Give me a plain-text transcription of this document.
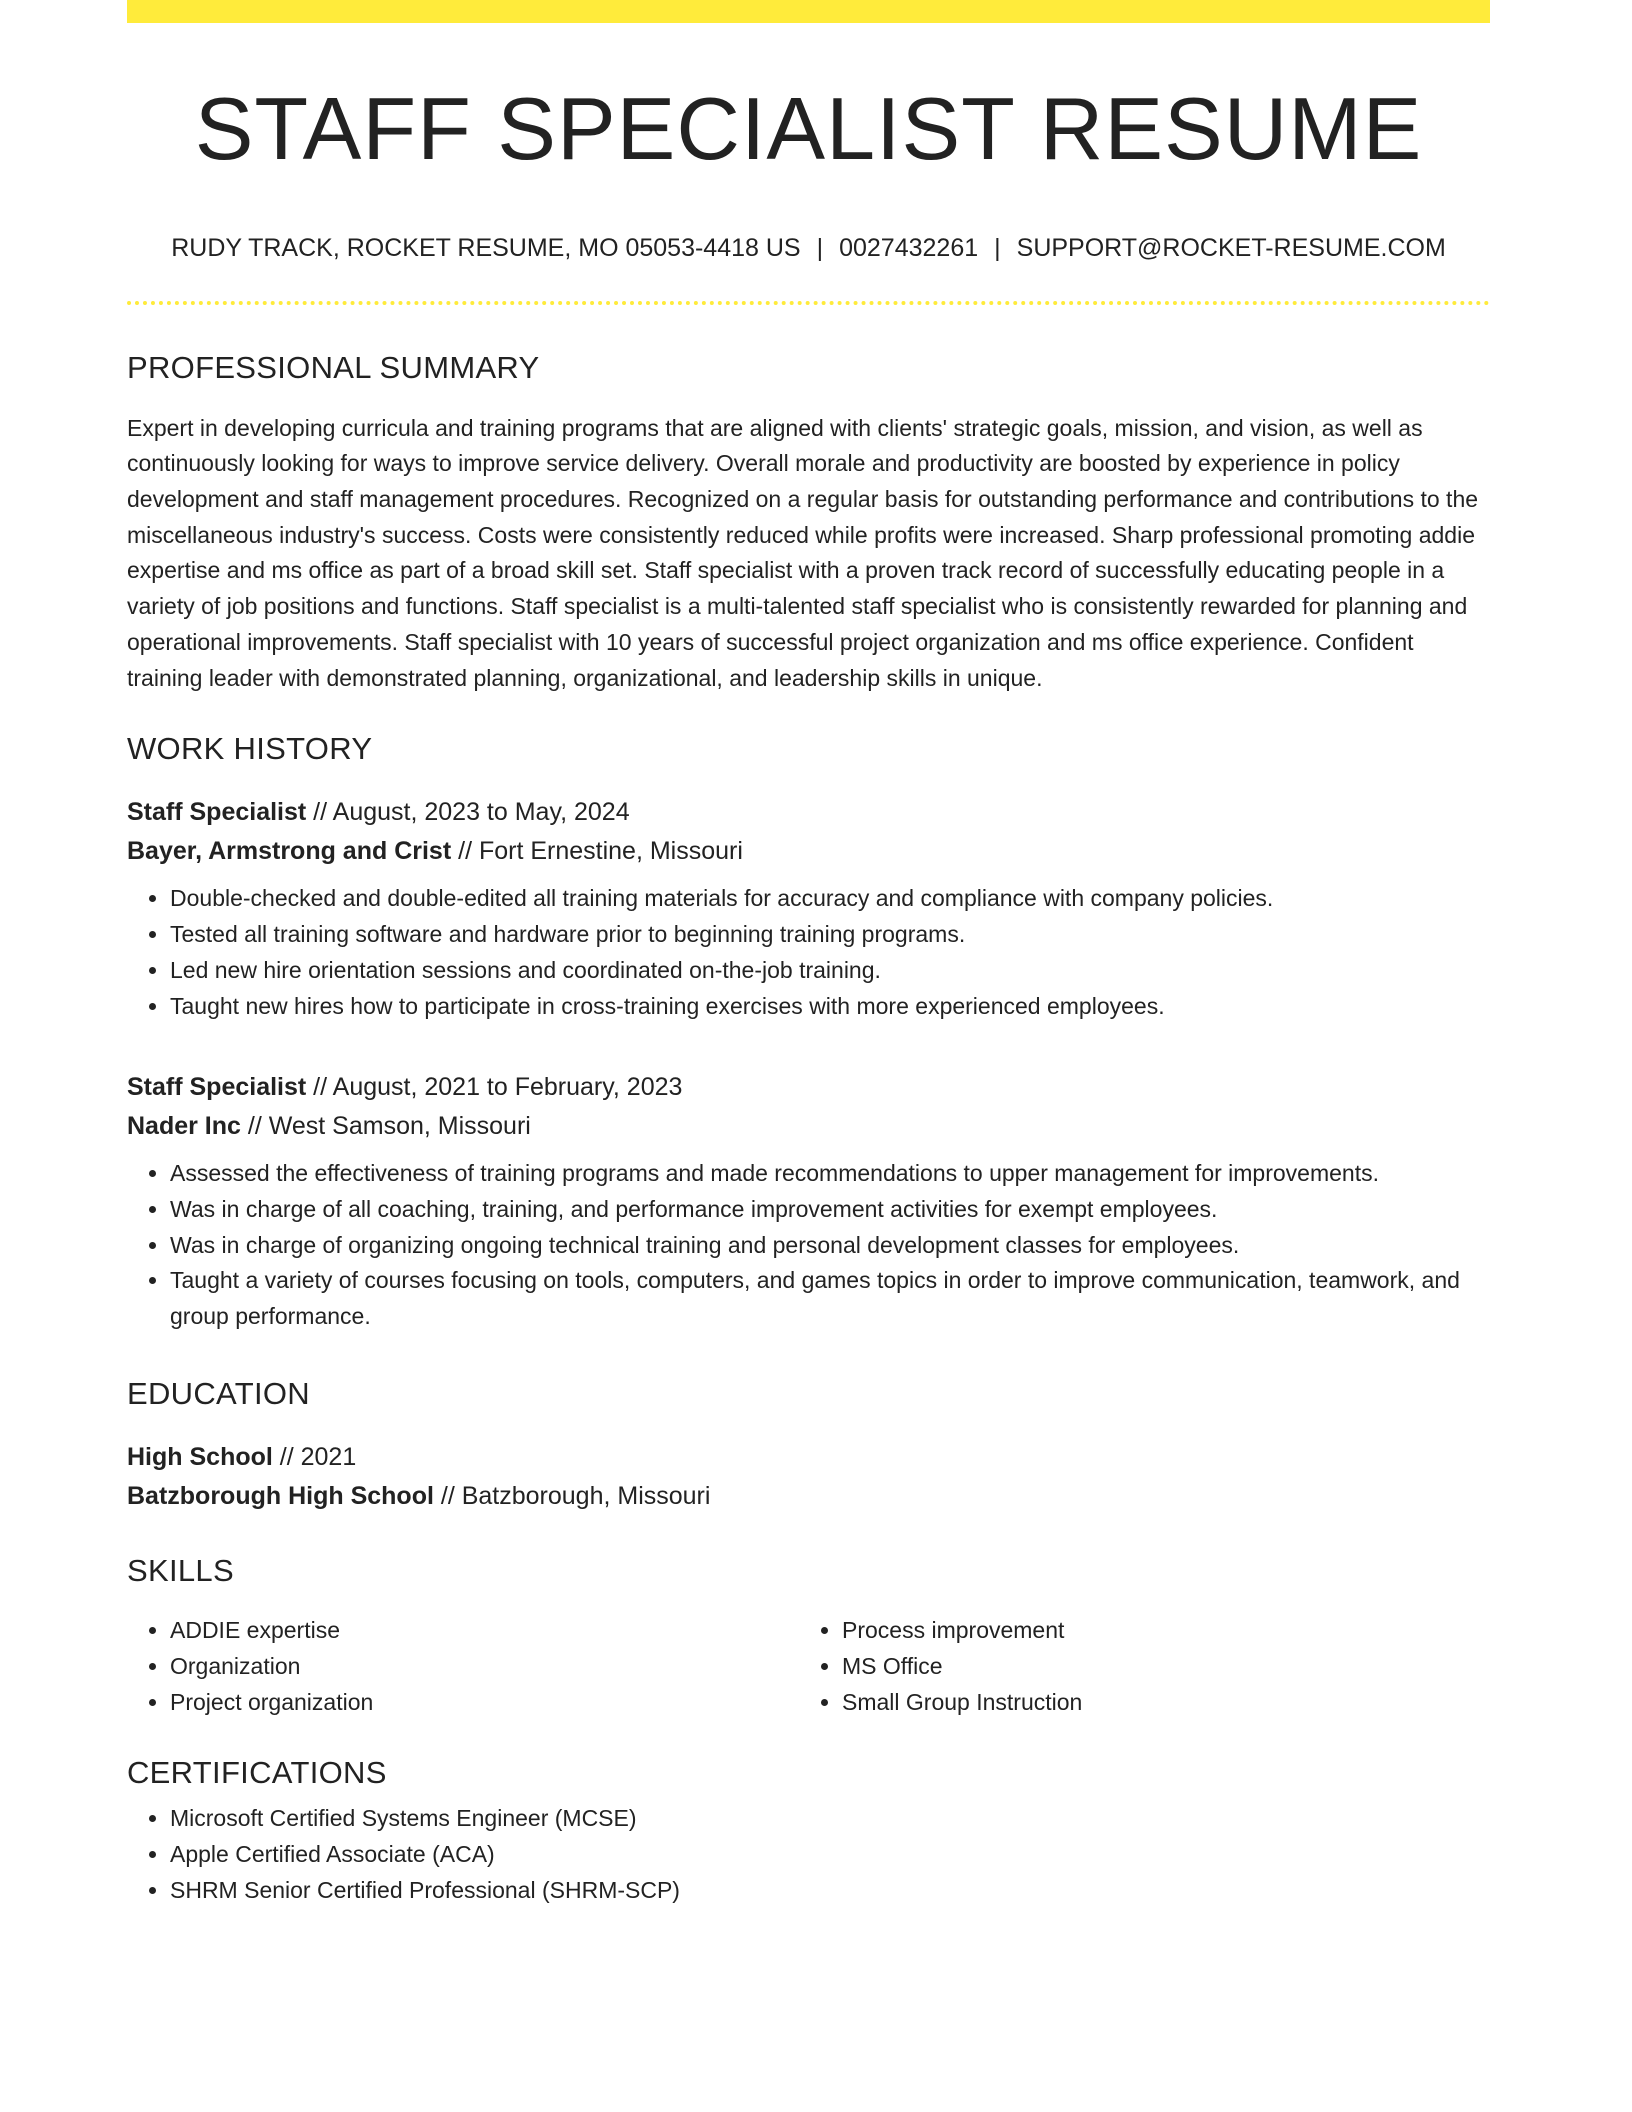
STAFF SPECIALIST RESUME
RUDY TRACK, ROCKET RESUME, MO 05053-4418 US | 0027432261 | SUPPORT@ROCKET-RESUME.COM
PROFESSIONAL SUMMARY

Expert in developing curricula and training programs that are aligned with clients' strategic goals, mission, and vision, as well as continuously looking for ways to improve service delivery. Overall morale and productivity are boosted by experience in policy development and staff management procedures. Recognized on a regular basis for outstanding performance and contributions to the miscellaneous industry's success. Costs were consistently reduced while profits were increased. Sharp professional promoting addie expertise and ms office as part of a broad skill set. Staff specialist with a proven track record of successfully educating people in a variety of job positions and functions. Staff specialist is a multi-talented staff specialist who is consistently rewarded for planning and operational improvements. Staff specialist with 10 years of successful project organization and ms office experience. Confident training leader with demonstrated planning, organizational, and leadership skills in unique.

WORK HISTORY
Staff Specialist // August, 2023 to May, 2024
Bayer, Armstrong and Crist // Fort Ernestine, Missouri
• Double-checked and double-edited all training materials for accuracy and compliance with company policies.
• Tested all training software and hardware prior to beginning training programs.
• Led new hire orientation sessions and coordinated on-the-job training.
• Taught new hires how to participate in cross-training exercises with more experienced employees.
Staff Specialist // August, 2021 to February, 2023
Nader Inc // West Samson, Missouri
• Assessed the effectiveness of training programs and made recommendations to upper management for improvements.
• Was in charge of all coaching, training, and performance improvement activities for exempt employees.
• Was in charge of organizing ongoing technical training and personal development classes for employees.
• Taught a variety of courses focusing on tools, computers, and games topics in order to improve communication, teamwork, and group performance.
EDUCATION
High School // 2021
Batzborough High School // Batzborough, Missouri
SKILLS
• ADDIE expertise
• Organization
• Project organization
• Process improvement
• MS Office
• Small Group Instruction
CERTIFICATIONS
• Microsoft Certified Systems Engineer (MCSE)
• Apple Certified Associate (ACA)
• SHRM Senior Certified Professional (SHRM-SCP)
